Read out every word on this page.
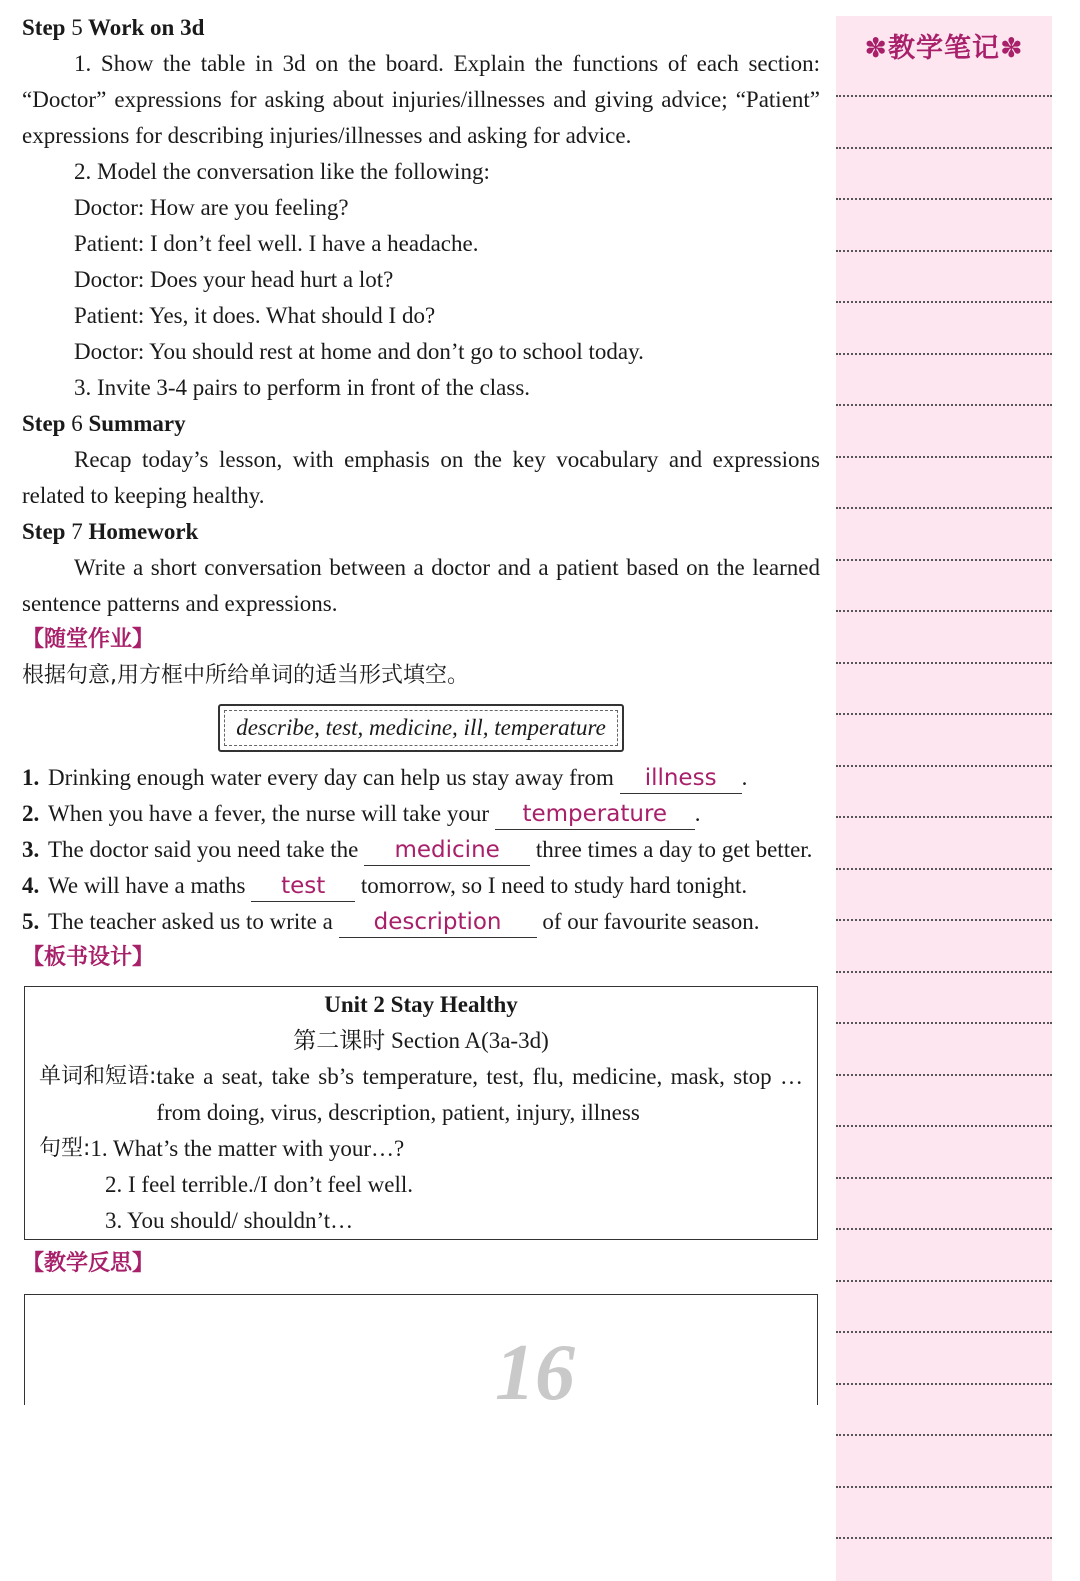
Step 5 Work on 3d

1. Show the table in 3d on the board. Explain the functions of each section: “Doctor” expressions for asking about injuries/illnesses and giving advice; “Patient” expressions for describing injuries/illnesses and asking for advice.

2. Model the conversation like the following:

Doctor: How are you feeling?

Patient: I don’t feel well. I have a headache.

Doctor: Does your head hurt a lot?

Patient: Yes, it does. What should I do?

Doctor: You should rest at home and don’t go to school today.

3. Invite 3-4 pairs to perform in front of the class.

Step 6 Summary

Recap today’s lesson, with emphasis on the key vocabulary and expressions related to keeping healthy.

Step 7 Homework

Write a short conversation between a doctor and a patient based on the learned sentence patterns and expressions.

【随堂作业】

根据句意,用方框中所给单词的适当形式填空。

describe, test, medicine, ill, temperature
1. Drinking enough water every day can help us stay away from illness .
2. When you have a fever, the nurse will take your temperature .
3. The doctor said you need take the medicine three times a day to get better.
4. We will have a maths test tomorrow, so I need to study hard tonight.
5. The teacher asked us to write a description of our favourite season.

【板书设计】

Unit 2 Stay Healthy
第二课时 Section A(3a-3d)
单词和短语: take a seat, take sb’s temperature, test, flu, medicine, mask, stop … from doing, virus, description, patient, injury, illness
句型: 1. What’s the matter with your…?
2. I feel terrible./I don’t feel well.
3. You should/ shouldn’t…

【教学反思】

16
✽教学笔记✽
